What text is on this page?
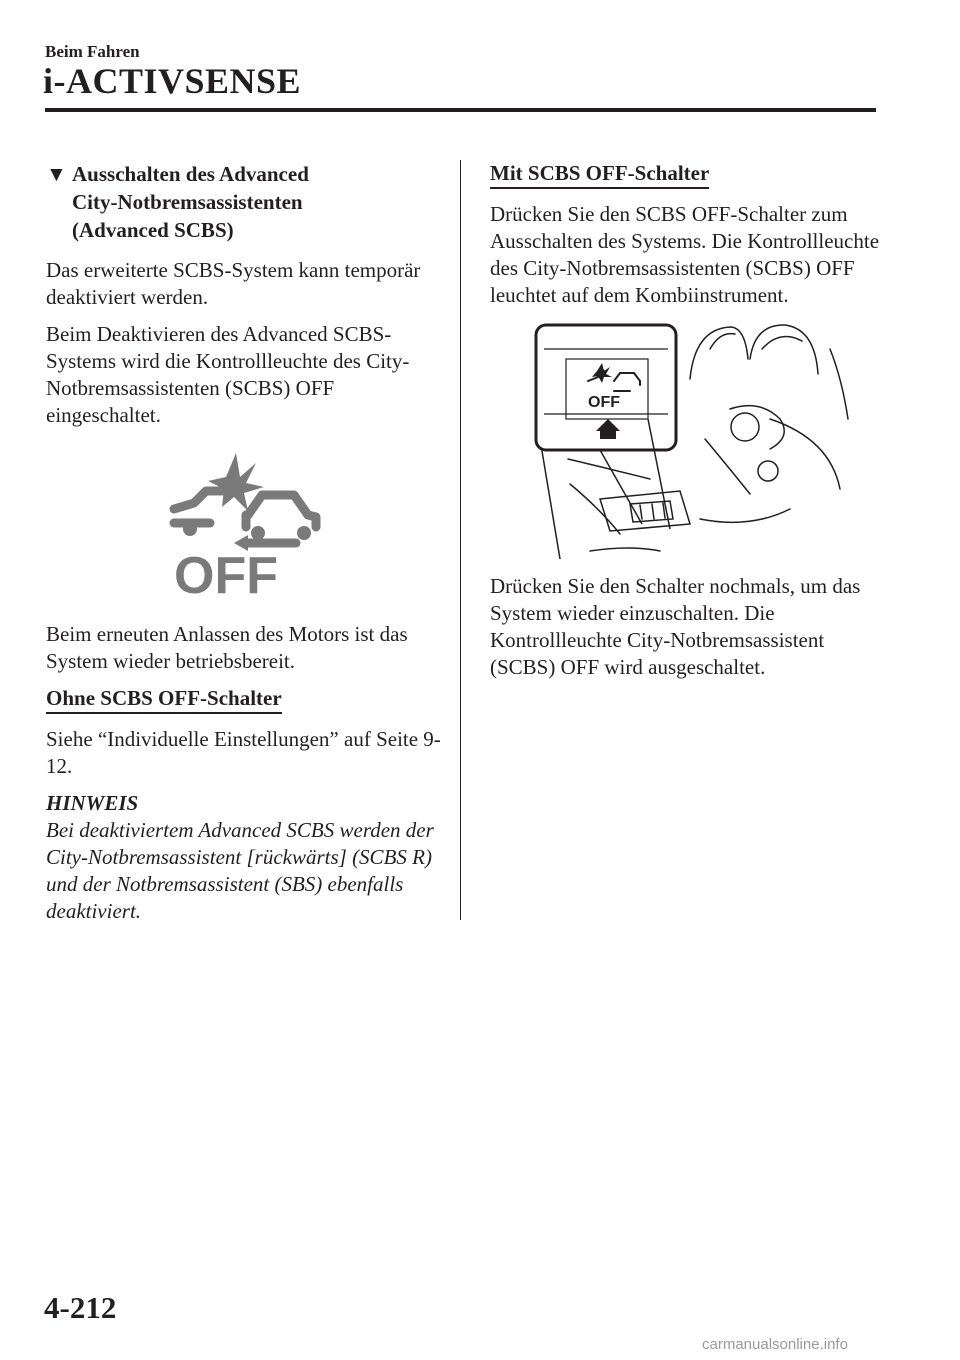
Beim Fahren
i-ACTIVSENSE
▼ Ausschalten des Advanced
City-Notbremsassistenten
(Advanced SCBS)

Das erweiterte SCBS-System kann temporär deaktiviert werden.

Beim Deaktivieren des Advanced SCBS-Systems wird die Kontrollleuchte des City-Notbremsassistenten (SCBS) OFF eingeschaltet.

OFF

Beim erneuten Anlassen des Motors ist das System wieder betriebsbereit.

Ohne SCBS OFF-Schalter

Siehe “Individuelle Einstellungen” auf Seite 9-12.

HINWEIS
Bei deaktiviertem Advanced SCBS werden der City-Notbremsassistent [rückwärts] (SCBS R) und der Notbremsassistent (SBS) ebenfalls deaktiviert.
Mit SCBS OFF-Schalter

Drücken Sie den SCBS OFF-Schalter zum Ausschalten des Systems. Die Kontrollleuchte des City-Notbremsassistenten (SCBS) OFF leuchtet auf dem Kombiinstrument.

OFF

Drücken Sie den Schalter nochmals, um das System wieder einzuschalten. Die Kontrollleuchte City-Notbremsassistent (SCBS) OFF wird ausgeschaltet.

4-212
carmanualsonline.info
